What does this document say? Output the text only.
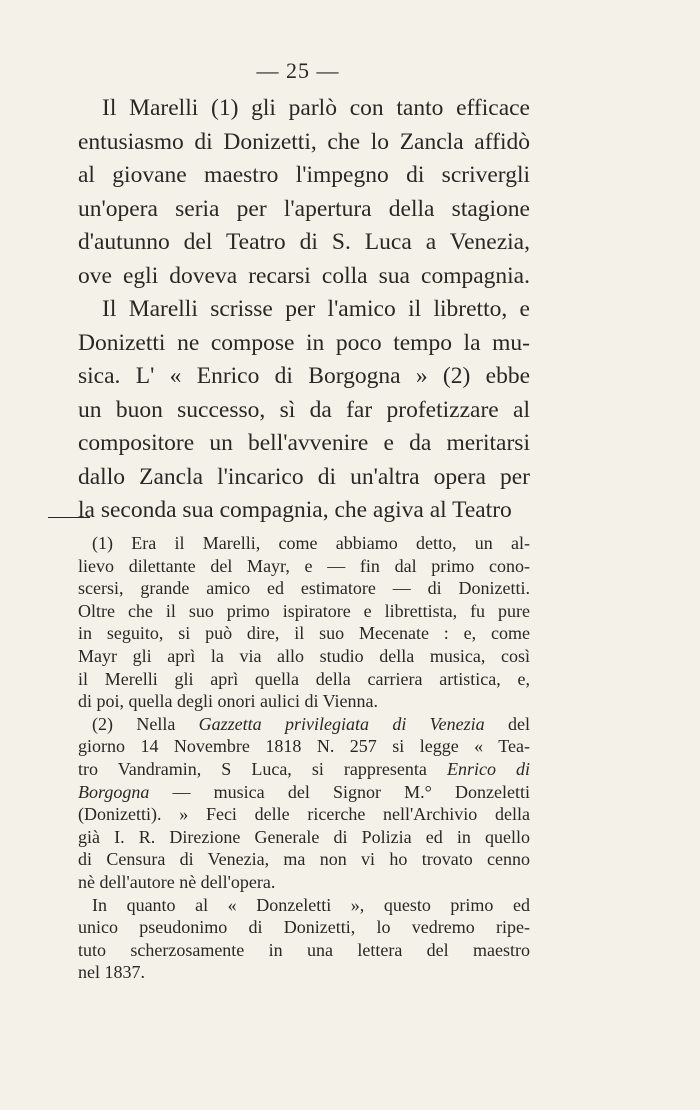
— 25 —

Il Marelli (1) gli parlò con tanto efficace
entusiasmo di Donizetti, che lo Zancla affidò
al giovane maestro l'impegno di scrivergli
un'opera seria per l'apertura della stagione
d'autunno del Teatro di S. Luca a Venezia,
ove egli doveva recarsi colla sua compagnia.

Il Marelli scrisse per l'amico il libretto, e
Donizetti ne compose in poco tempo la mu-
sica. L' « Enrico di Borgogna » (2) ebbe
un buon successo, sì da far profetizzare al
compositore un bell'avvenire e da meritarsi
dallo Zancla l'incarico di un'altra opera per
la seconda sua compagnia, che agiva al Teatro

(1) Era il Marelli, come abbiamo detto, un al-
lievo dilettante del Mayr, e — fin dal primo cono-
scersi, grande amico ed estimatore — di Donizetti.
Oltre che il suo primo ispiratore e librettista, fu pure
in seguito, si può dire, il suo Mecenate : e, come
Mayr gli aprì la via allo studio della musica, così
il Merelli gli aprì quella della carriera artistica, e,
di poi, quella degli onori aulici di Vienna.
(2) Nella Gazzetta privilegiata di Venezia del
giorno 14 Novembre 1818 N. 257 si legge « Tea-
tro Vandramin, S Luca, si rappresenta Enrico di
Borgogna — musica del Signor M.° Donzeletti
(Donizetti). » Feci delle ricerche nell'Archivio della
già I. R. Direzione Generale di Polizia ed in quello
di Censura di Venezia, ma non vi ho trovato cenno
nè dell'autore nè dell'opera.
In quanto al « Donzeletti », questo primo ed
unico pseudonimo di Donizetti, lo vedremo ripe-
tuto scherzosamente in una lettera del maestro
nel 1837.
